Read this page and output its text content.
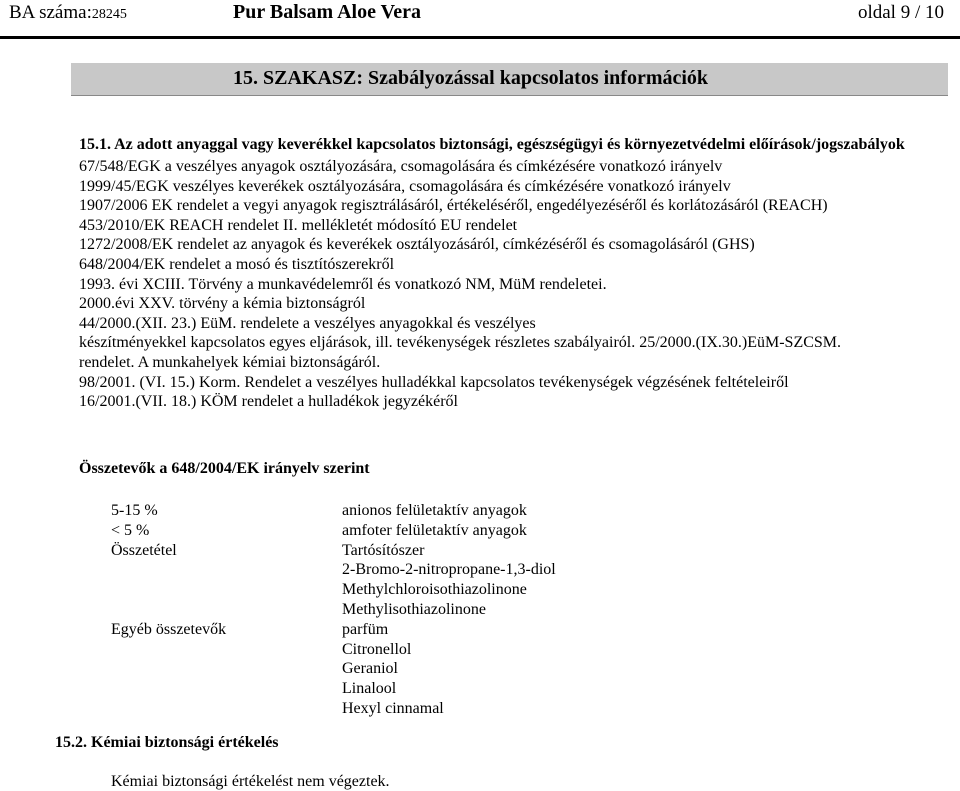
BA száma:28245	Pur Balsam Aloe Vera	oldal 9 / 10
15. SZAKASZ: Szabályozással kapcsolatos információk
15.1. Az adott anyaggal vagy keverékkel kapcsolatos biztonsági, egészségügyi és környezetvédelmi előírások/jogszabályok
67/548/EGK a veszélyes anyagok osztályozására, csomagolására és címkézésére vonatkozó irányelv
1999/45/EGK veszélyes keverékek osztályozására, csomagolására és címkézésére vonatkozó irányelv
1907/2006 EK rendelet a vegyi anyagok regisztrálásáról, értékeléséről, engedélyezéséről és korlátozásáról (REACH)
453/2010/EK REACH rendelet II. mellékletét módosító EU rendelet
1272/2008/EK rendelet az anyagok és keverékek osztályozásáról, címkézéséről és csomagolásáról (GHS)
648/2004/EK rendelet a mosó és tisztítószerekről
1993. évi XCIII. Törvény a munkavédelemről és vonatkozó NM, MüM rendeletei.
2000.évi XXV. törvény a kémia biztonságról
44/2000.(XII. 23.) EüM. rendelete a veszélyes anyagokkal és veszélyes
készítményekkel kapcsolatos egyes eljárások, ill. tevékenységek részletes szabályairól. 25/2000.(IX.30.)EüM-SZCSM.
rendelet. A munkahelyek kémiai biztonságáról.
98/2001. (VI. 15.) Korm. Rendelet a veszélyes hulladékkal kapcsolatos tevékenységek végzésének feltételeiről
16/2001.(VII. 18.) KÖM rendelet a hulladékok jegyzékéről
Összetevők a 648/2004/EK irányelv szerint
5-15 %
< 5 %
Összetétel
Egyéb összetevők
anionos felületaktív anyagok
amfoter felületaktív anyagok
Tartósítószer
2-Bromo-2-nitropropane-1,3-diol
Methylchloroisothiazolinone
Methylisothiazolinone
parfüm
Citronellol
Geraniol
Linalool
Hexyl cinnamal
15.2. Kémiai biztonsági értékelés
Kémiai biztonsági értékelést nem végeztek.
